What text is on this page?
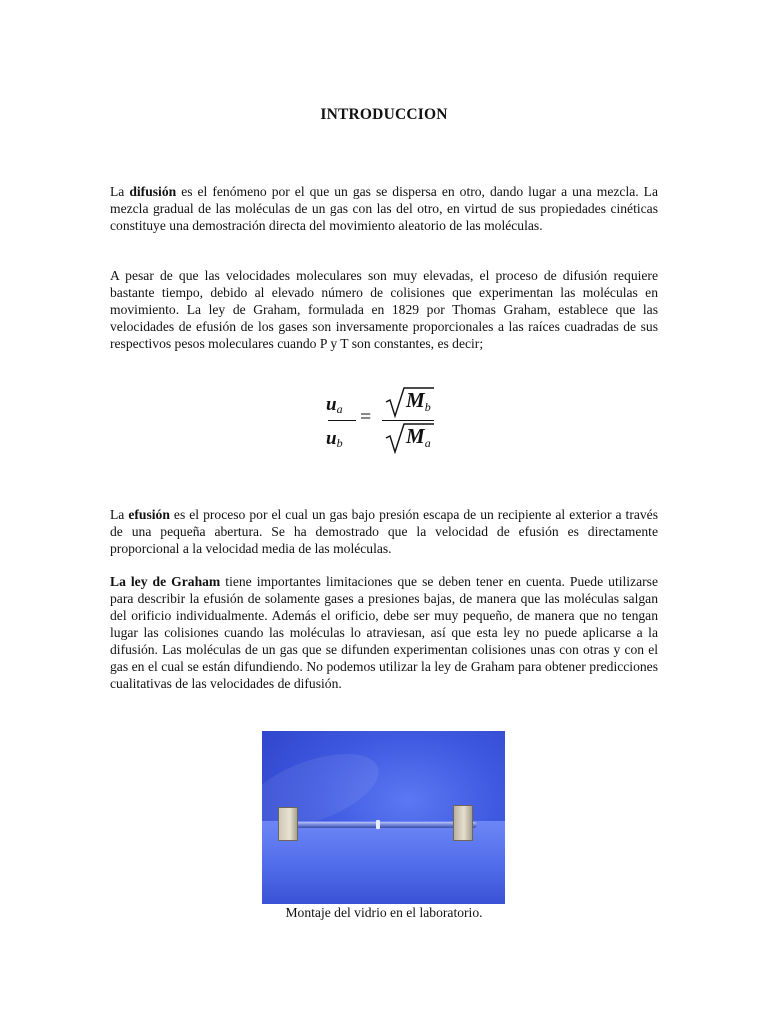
INTRODUCCION

La difusión es el fenómeno por el que un gas se dispersa en otro, dando lugar a una mezcla. La mezcla gradual de las moléculas de un gas con las del otro, en virtud de sus propiedades cinéticas constituye una demostración directa del movimiento aleatorio de las moléculas.

A pesar de que las velocidades moleculares son muy elevadas, el proceso de difusión requiere bastante tiempo, debido al elevado número de colisiones que experimentan las moléculas en movimiento. La ley de Graham, formulada en 1829 por Thomas Graham, establece que las velocidades de efusión de los gases son inversamente proporcionales a las raíces cuadradas de sus respectivos pesos moleculares cuando P y T son constantes, es decir;

$u_a$
$u_b$
=
$M_b$
$M_a$

La efusión es el proceso por el cual un gas bajo presión escapa de un recipiente al exterior a través de una pequeña abertura. Se ha demostrado que la velocidad de efusión es directamente proporcional a la velocidad media de las moléculas.

La ley de Graham tiene importantes limitaciones que se deben tener en cuenta. Puede utilizarse para describir la efusión de solamente gases a presiones bajas, de manera que las moléculas salgan del orificio individualmente. Además el orificio, debe ser muy pequeño, de manera que no tengan lugar las colisiones cuando las moléculas lo atraviesan, así que esta ley no puede aplicarse a la difusión. Las moléculas de un gas que se difunden experimentan colisiones unas con otras y con el gas en el cual se están difundiendo. No podemos utilizar la ley de Graham para obtener predicciones cualitativas de las velocidades de difusión.

Montaje del vidrio en el laboratorio.
